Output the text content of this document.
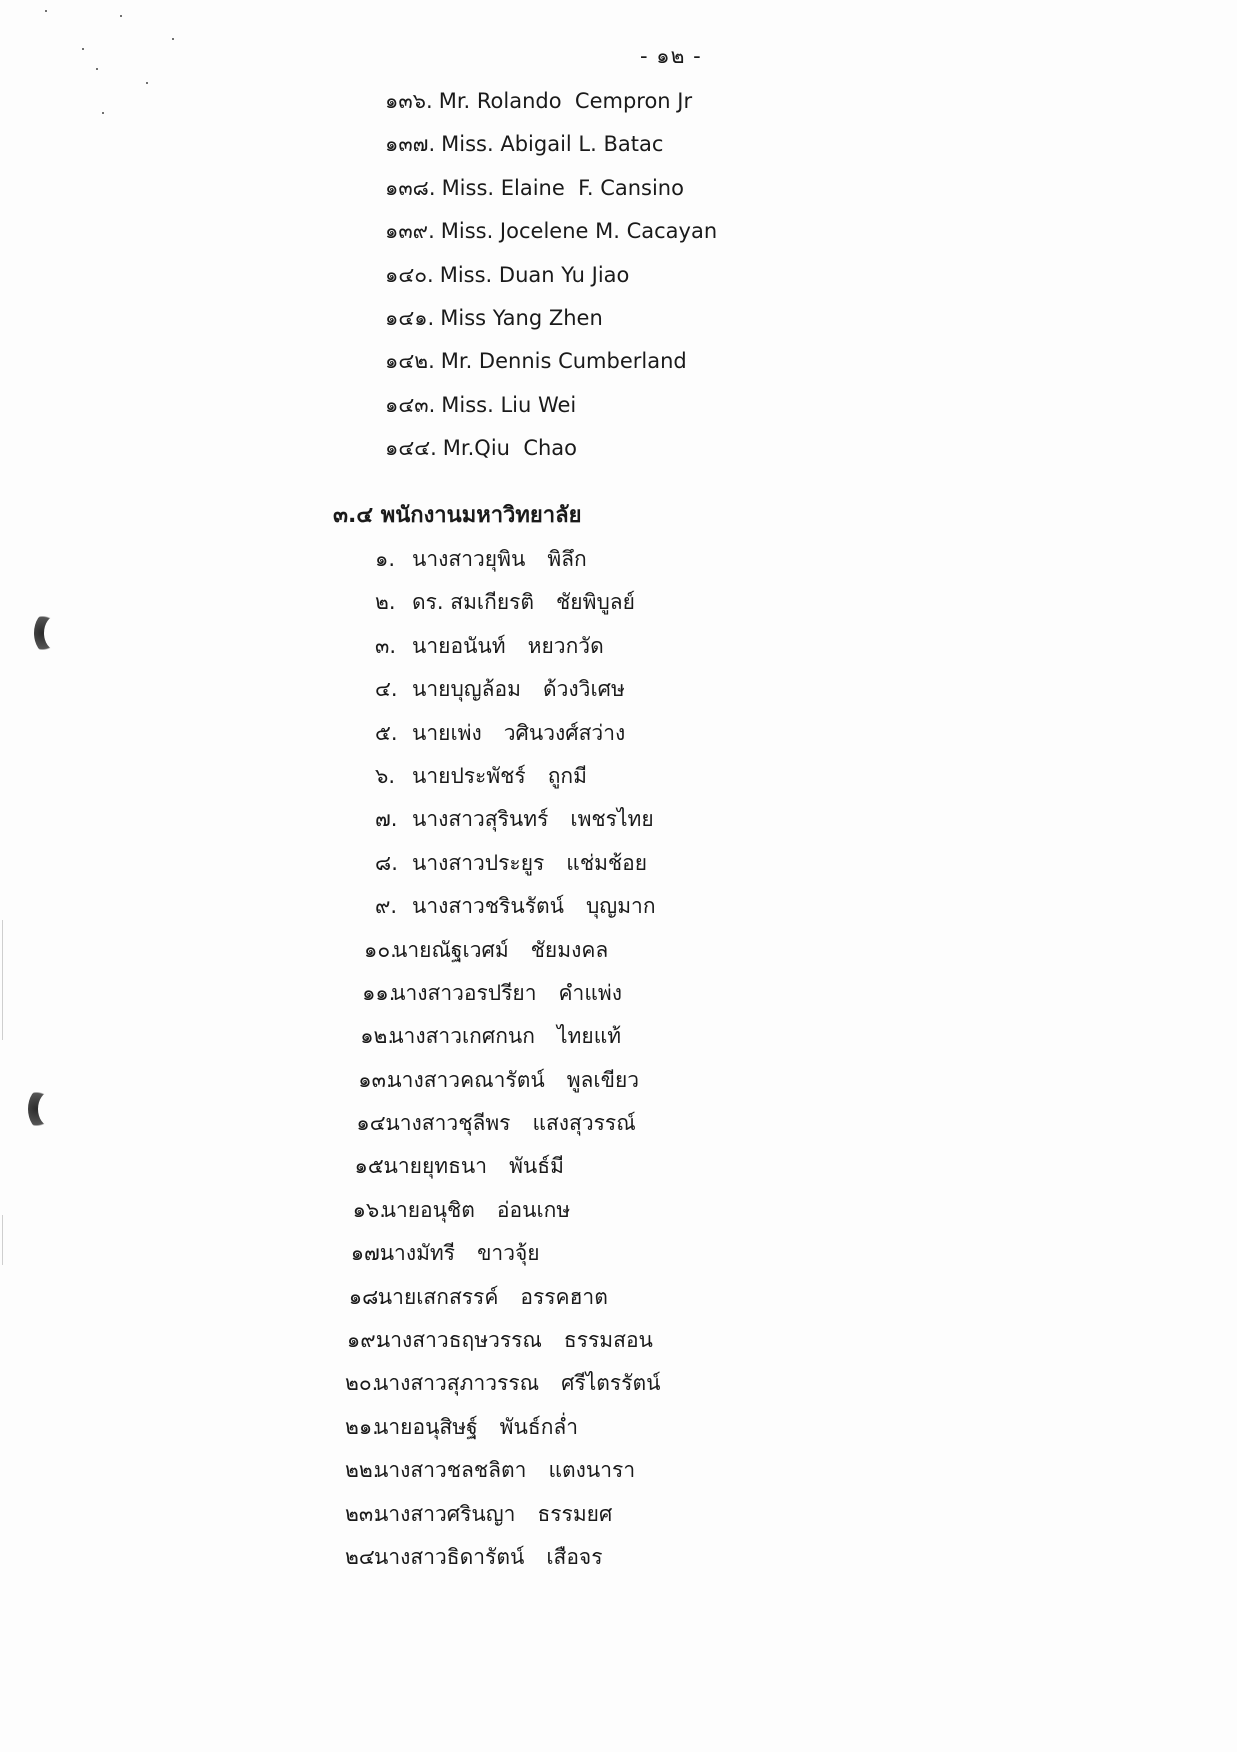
- ๑๒ -
๑๓๖. Mr. Rolando  Cempron Jr
๑๓๗. Miss. Abigail L. Batac
๑๓๘. Miss. Elaine  F. Cansino
๑๓๙. Miss. Jocelene M. Cacayan
๑๔๐. Miss. Duan Yu Jiao
๑๔๑. Miss Yang Zhen
๑๔๒. Mr. Dennis Cumberland
๑๔๓. Miss. Liu Wei
๑๔๔. Mr.Qiu  Chao
๓.๔ พนักงานมหาวิทยาลัย
๑. นางสาวยุพิน พิลึก
๒. ดร. สมเกียรติ ชัยพิบูลย์
๓. นายอนันท์ หยวกวัด
๔. นายบุญล้อม ด้วงวิเศษ
๕. นายเพ่ง วศินวงศ์สว่าง
๖. นายประพัชร์ ถูกมี
๗. นางสาวสุรินทร์ เพชรไทย
๘. นางสาวประยูร แช่มช้อย
๙. นางสาวชรินรัตน์ บุญมาก
๑๐.
นายณัฐเวศม์ ชัยมงคล
๑๑.
นางสาวอรปรียา คำแพ่ง
๑๒.
นางสาวเกศกนก ไทยแท้
๑๓.
นางสาวคณารัตน์ พูลเขียว
๑๔.
นางสาวชุลีพร แสงสุวรรณ์
๑๕.
นายยุทธนา พันธ์มี
๑๖.
นายอนุชิต อ่อนเกษ
๑๗.
นางมัทรี ขาวจุ้ย
๑๘.
นายเสกสรรค์ อรรคฮาต
๑๙.
นางสาวธฤษวรรณ ธรรมสอน
๒๐.
นางสาวสุภาวรรณ ศรีไตรรัตน์
๒๑.
นายอนุสิษฐ์ พันธ์กล่ำ
๒๒.
นางสาวชลชลิตา แตงนารา
๒๓.
นางสาวศรินญา ธรรมยศ
๒๔.
นางสาวธิดารัตน์ เสือจร
